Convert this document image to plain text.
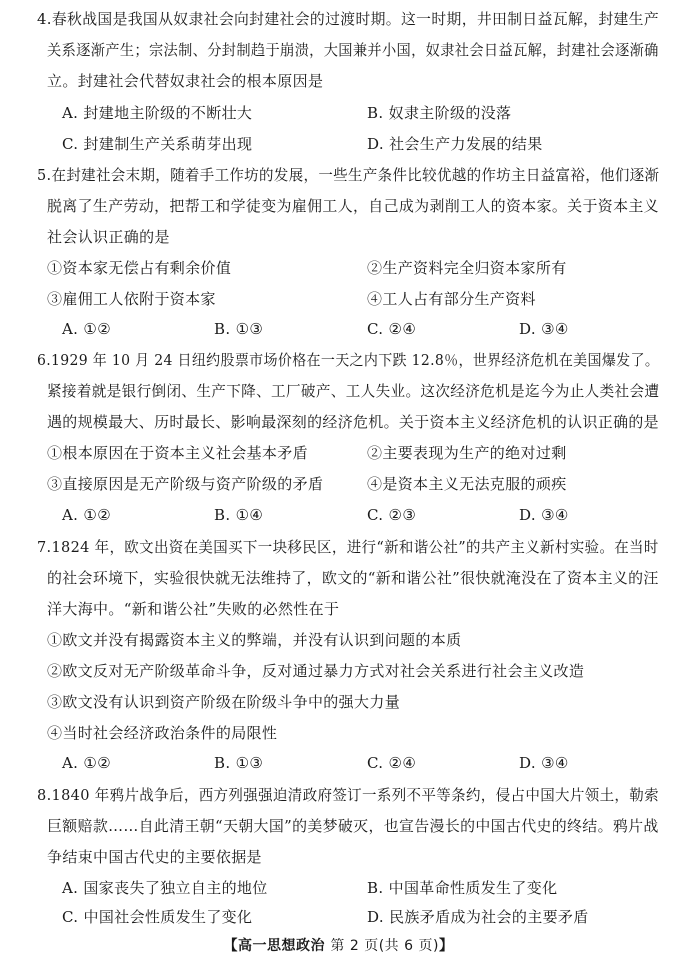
4.春秋战国是我国从奴隶社会向封建社会的过渡时期。这一时期，井田制日益瓦解，封建生产
关系逐渐产生；宗法制、分封制趋于崩溃，大国兼并小国，奴隶社会日益瓦解，封建社会逐渐确
立。封建社会代替奴隶社会的根本原因是
A. 封建地主阶级的不断壮大	B. 奴隶主阶级的没落
C. 封建制生产关系萌芽出现	D. 社会生产力发展的结果
5.在封建社会末期，随着手工作坊的发展，一些生产条件比较优越的作坊主日益富裕，他们逐渐
脱离了生产劳动，把帮工和学徒变为雇佣工人，自己成为剥削工人的资本家。关于资本主义
社会认识正确的是
①资本家无偿占有剩余价值	②生产资料完全归资本家所有
③雇佣工人依附于资本家	④工人占有部分生产资料
A. ①②	B. ①③	C. ②④	D. ③④
6.1929 年 10 月 24 日纽约股票市场价格在一天之内下跌 12.8％，世界经济危机在美国爆发了。
紧接着就是银行倒闭、生产下降、工厂破产、工人失业。这次经济危机是迄今为止人类社会遭
遇的规模最大、历时最长、影响最深刻的经济危机。关于资本主义经济危机的认识正确的是
①根本原因在于资本主义社会基本矛盾	②主要表现为生产的绝对过剩
③直接原因是无产阶级与资产阶级的矛盾	④是资本主义无法克服的顽疾
A. ①②	B. ①④	C. ②③	D. ③④
7.1824 年，欧文出资在美国买下一块移民区，进行“新和谐公社”的共产主义新村实验。在当时
的社会环境下，实验很快就无法维持了，欧文的“新和谐公社”很快就淹没在了资本主义的汪
洋大海中。“新和谐公社”失败的必然性在于
①欧文并没有揭露资本主义的弊端，并没有认识到问题的本质
②欧文反对无产阶级革命斗争，反对通过暴力方式对社会关系进行社会主义改造
③欧文没有认识到资产阶级在阶级斗争中的强大力量
④当时社会经济政治条件的局限性
A. ①②	B. ①③	C. ②④	D. ③④
8.1840 年鸦片战争后，西方列强强迫清政府签订一系列不平等条约，侵占中国大片领土，勒索
巨额赔款……自此清王朝“天朝大国”的美梦破灭，也宣告漫长的中国古代史的终结。鸦片战
争结束中国古代史的主要依据是
A. 国家丧失了独立自主的地位	B. 中国革命性质发生了变化
C. 中国社会性质发生了变化	D. 民族矛盾成为社会的主要矛盾
【高一思想政治 第 2 页(共 6 页)】
